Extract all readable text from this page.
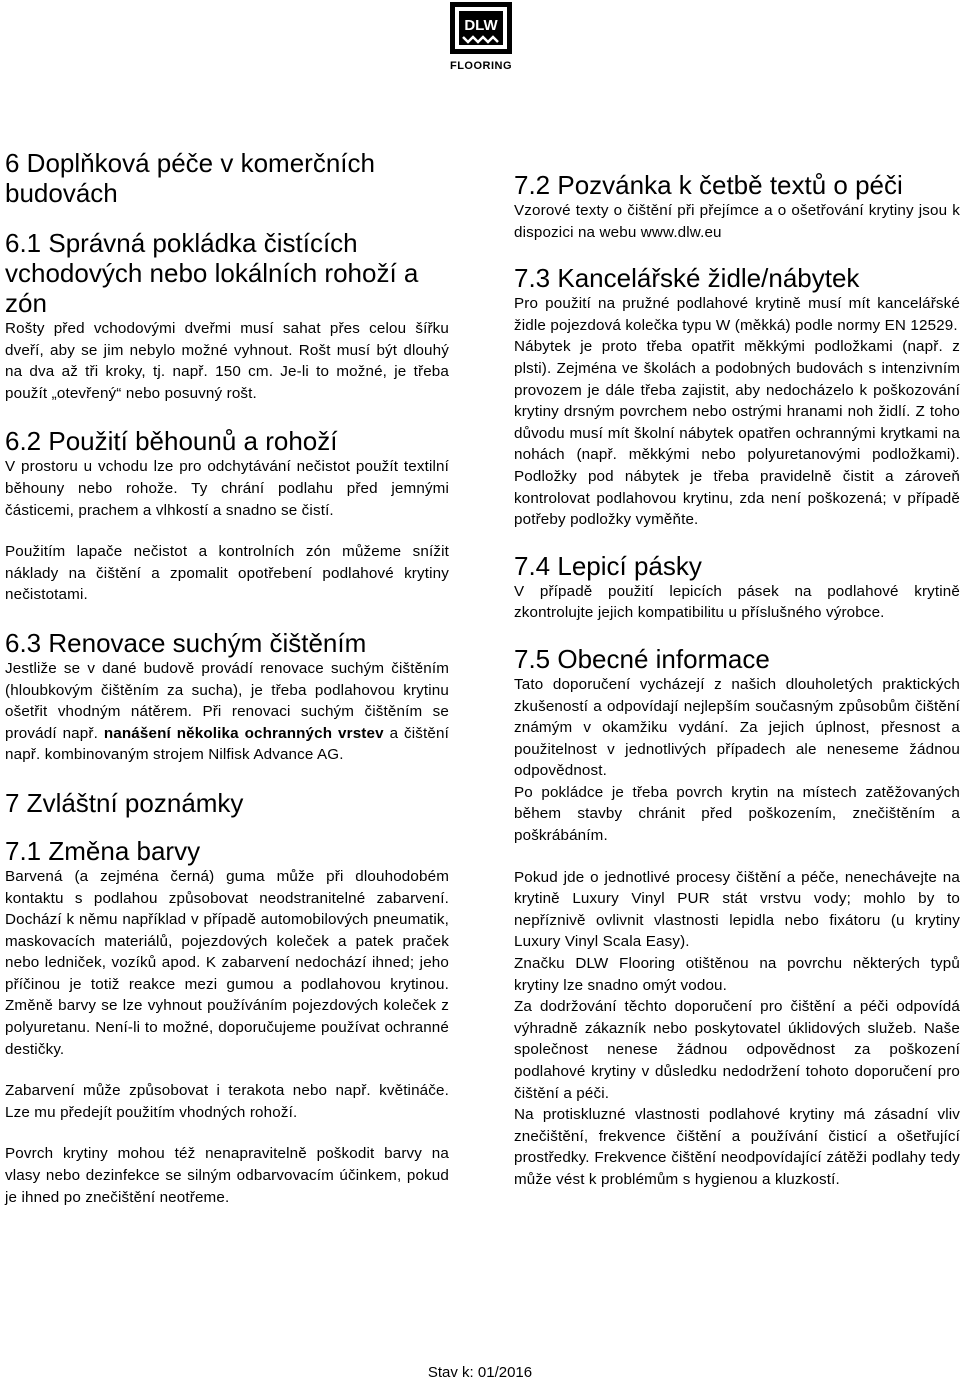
DLW
FLOORING
6 Doplňková péče v komerčních budovách
6.1 Správná pokládka čistících vchodových nebo lokálních rohoží a zón

Rošty před vchodovými dveřmi musí sahat přes celou šířku dveří, aby se jim nebylo možné vyhnout. Rošt musí být dlouhý na dva až tři kroky, tj. např. 150 cm. Je-li to možné, je třeba použít „otevřený“ nebo posuvný rošt.

6.2 Použití běhounů a rohoží

V prostoru u vchodu lze pro odchytávání nečistot použít textilní běhouny nebo rohože. Ty chrání podlahu před jemnými částicemi, prachem a vlhkostí a snadno se čistí.

Použitím lapače nečistot a kontrolních zón můžeme snížit náklady na čištění a zpomalit opotřebení podlahové krytiny nečistotami.

6.3 Renovace suchým čištěním

Jestliže se v dané budově provádí renovace suchým čištěním (hloubkovým čištěním za sucha), je třeba podlahovou krytinu ošetřit vhodným nátěrem. Při renovaci suchým čištěním se provádí např. nanášení několika ochranných vrstev a čištění např. kombinovaným strojem Nilfisk Advance AG.

7 Zvláštní poznámky
7.1 Změna barvy

Barvená (a zejména černá) guma může při dlouhodobém kontaktu s podlahou způsobovat neodstranitelné zabarvení. Dochází k němu například v případě automobilových pneumatik, maskovacích materiálů, pojezdových koleček a patek praček nebo ledniček, vozíků apod. K zabarvení nedochází ihned; jeho příčinou je totiž reakce mezi gumou a podlahovou krytinou. Změně barvy se lze vyhnout používáním pojezdových koleček z polyuretanu. Není-li to možné, doporučujeme používat ochranné destičky.

Zabarvení může způsobovat i terakota nebo např. květináče. Lze mu předejít použitím vhodných rohoží.

Povrch krytiny mohou též nenapravitelně poškodit barvy na vlasy nebo dezinfekce se silným odbarvovacím účinkem, pokud je ihned po znečištění neotřeme.

7.2 Pozvánka k četbě textů o péči

Vzorové texty o čištění při přejímce a o ošetřování krytiny jsou k dispozici na webu www.dlw.eu

7.3 Kancelářské židle/nábytek

Pro použití na pružné podlahové krytině musí mít kancelářské židle pojezdová kolečka typu W (měkká) podle normy EN 12529.

Nábytek je proto třeba opatřit měkkými podložkami (např. z plsti). Zejména ve školách a podobných budovách s intenzivním provozem je dále třeba zajistit, aby nedocházelo k poškozování krytiny drsným povrchem nebo ostrými hranami noh židlí. Z toho důvodu musí mít školní nábytek opatřen ochrannými krytkami na nohách (např. měkkými nebo polyuretanovými podložkami). Podložky pod nábytek je třeba pravidelně čistit a zároveň kontrolovat podlahovou krytinu, zda není poškozená; v případě potřeby podložky vyměňte.

7.4 Lepicí pásky

V případě použití lepicích pásek na podlahové krytině zkontrolujte jejich kompatibilitu u příslušného výrobce.

7.5 Obecné informace

Tato doporučení vycházejí z našich dlouholetých praktických zkušeností a odpovídají nejlepším současným způsobům čištění známým v okamžiku vydání. Za jejich úplnost, přesnost a použitelnost v jednotlivých případech ale neneseme žádnou odpovědnost.

Po pokládce je třeba povrch krytin na místech zatěžovaných během stavby chránit před poškozením, znečištěním a poškrábáním.

Pokud jde o jednotlivé procesy čištění a péče, nenechávejte na krytině Luxury Vinyl PUR stát vrstvu vody; mohlo by to nepříznivě ovlivnit vlastnosti lepidla nebo fixátoru (u krytiny Luxury Vinyl Scala Easy).

Značku DLW Flooring otištěnou na povrchu některých typů krytiny lze snadno omýt vodou.

Za dodržování těchto doporučení pro čištění a péči odpovídá výhradně zákazník nebo poskytovatel úklidových služeb. Naše společnost nenese žádnou odpovědnost za poškození podlahové krytiny v důsledku nedodržení tohoto doporučení pro čištění a péči.

Na protiskluzné vlastnosti podlahové krytiny má zásadní vliv znečištění, frekvence čištění a používání čisticí a ošetřující prostředky. Frekvence čištění neodpovídající zátěži podlahy tedy může vést k problémům s hygienou a kluzkostí.

Stav k: 01/2016
